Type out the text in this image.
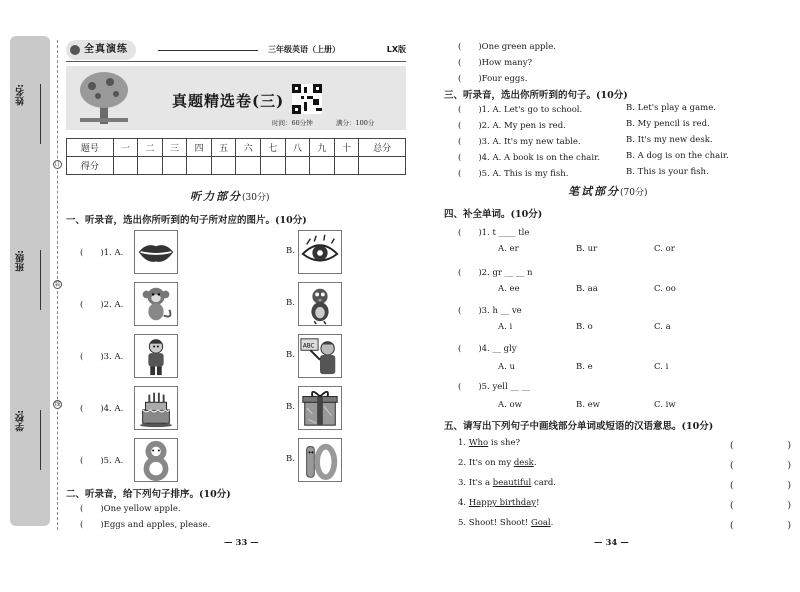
姓名:
班级:
学校:
订
装
线
全真演练	三年级英语（上册）	LX版
真题精选卷(三)
时间：60分钟	满分：100分
题号	一	二	三	四	五	六	七	八	九	十	总分
得分											
听力部分(30分)
一、听录音，选出你所听到的句子所对应的图片。(10分)
(　　)1. A.	B.
(　　)2. A.	B.
(　　)3. A.	B.
ABC
(　　)4. A.	B.
(　　)5. A.	B.
二、听录音，给下列句子排序。(10分)
(　　)One yellow apple.
(　　)Eggs and apples, please.
— 33 —
(　　)One green apple.
(　　)How many?
(　　)Four eggs.
三、听录音，选出你所听到的句子。(10分)
(　　)1. A. Let's go to school.	B. Let's play a game.
(　　)2. A. My pen is red.	B. My pencil is red.
(　　)3. A. It's my new table.	B. It's my new desk.
(　　)4. A. A book is on the chair.	B. A dog is on the chair.
(　　)5. A. This is my fish.	B. This is your fish.
笔试部分(70分)
四、补全单词。(10分)
(　　)1. t ____ tle
A. er	B. ur	C. or
(　　)2. gr __ __ n
A. ee	B. aa	C. oo
(　　)3. h __ ve
A. i	B. o	C. a
(　　)4. __ gly
A. u	B. e	C. i
(　　)5. yell __ __
A. ow	B. ew	C. iw
五、请写出下列句子中画线部分单词或短语的汉语意思。(10分)
1. Who is she?	(　　　　　　)
2. It's on my desk.	(　　　　　　)
3. It's a beautiful card.	(　　　　　　)
4. Happy birthday!	(　　　　　　)
5. Shoot! Shoot! Goal.	(　　　　　　)
— 34 —
